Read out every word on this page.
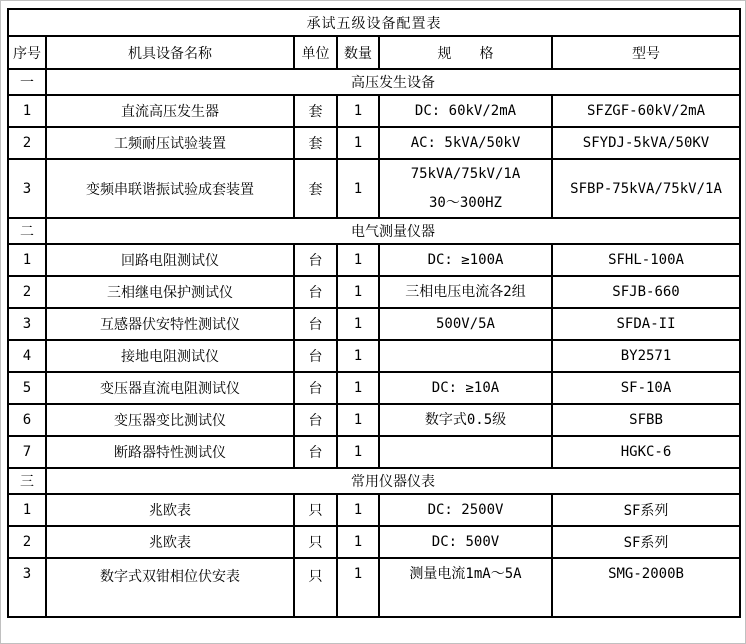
承试五级设备配置表					
序号	机具设备名称	单位	数量	规　　格	型号
一	高压发生设备				
1	直流高压发生器	套	1	DC: 60kV/2mA	SFZGF-60kV/2mA
2	工频耐压试验装置	套	1	AC: 5kVA/50kV	SFYDJ-5kVA/50KV
3	变频串联谐振试验成套装置	套	1	75kVA/75kV/1A
30～300HZ	SFBP-75kVA/75kV/1A
二	电气测量仪器				
1	回路电阻测试仪	台	1	DC: ≥100A	SFHL-100A
2	三相继电保护测试仪	台	1	三相电压电流各2组	SFJB-660
3	互感器伏安特性测试仪	台	1	500V/5A	SFDA-II
4	接地电阻测试仪	台	1		BY2571
5	变压器直流电阻测试仪	台	1	DC: ≥10A	SF-10A
6	变压器变比测试仪	台	1	数字式0.5级	SFBB
7	断路器特性测试仪	台	1		HGKC-6
三	常用仪器仪表				
1	兆欧表	只	1	DC: 2500V	SF系列
2	兆欧表	只	1	DC: 500V	SF系列
3	数字式双钳相位伏安表	只	1	测量电流1mA～5A	SMG-2000B
